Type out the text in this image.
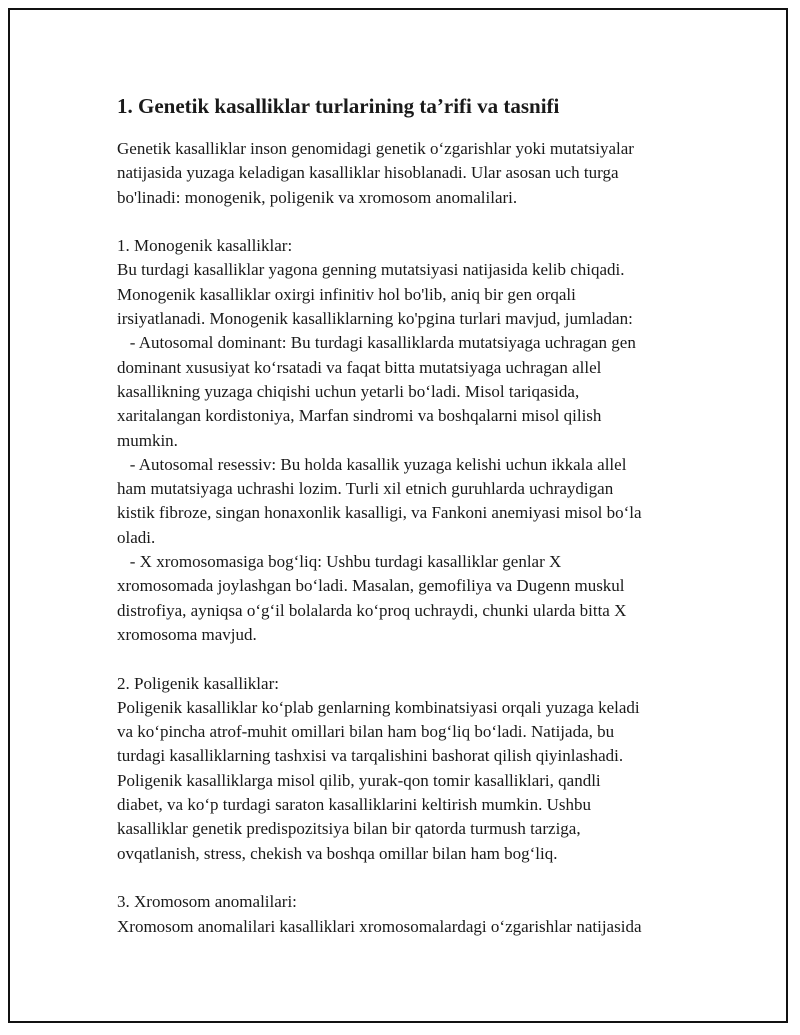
1. Genetik kasalliklar turlarining ta’rifi va tasnifi
Genetik kasalliklar inson genomidagi genetik o‘zgarishlar yoki mutatsiyalar
natijasida yuzaga keladigan kasalliklar hisoblanadi. Ular asosan uch turga
bo'linadi: monogenik, poligenik va xromosom anomalilari.
1. Monogenik kasalliklar:
Bu turdagi kasalliklar yagona genning mutatsiyasi natijasida kelib chiqadi.
Monogenik kasalliklar oxirgi infinitiv hol bo'lib, aniq bir gen orqali
irsiyatlanadi. Monogenik kasalliklarning ko'pgina turlari mavjud, jumladan:
- Autosomal dominant: Bu turdagi kasalliklarda mutatsiyaga uchragan gen
dominant xususiyat ko‘rsatadi va faqat bitta mutatsiyaga uchragan allel
kasallikning yuzaga chiqishi uchun yetarli bo‘ladi. Misol tariqasida,
xaritalangan kordistoniya, Marfan sindromi va boshqalarni misol qilish
mumkin.
- Autosomal resessiv: Bu holda kasallik yuzaga kelishi uchun ikkala allel
ham mutatsiyaga uchrashi lozim. Turli xil etnich guruhlarda uchraydigan
kistik fibroze, singan honaxonlik kasalligi, va Fankoni anemiyasi misol bo‘la
oladi.
- X xromosomasiga bog‘liq: Ushbu turdagi kasalliklar genlar X
xromosomada joylashgan bo‘ladi. Masalan, gemofiliya va Dugenn muskul
distrofiya, ayniqsa o‘g‘il bolalarda ko‘proq uchraydi, chunki ularda bitta X
xromosoma mavjud.
2. Poligenik kasalliklar:
Poligenik kasalliklar ko‘plab genlarning kombinatsiyasi orqali yuzaga keladi
va ko‘pincha atrof-muhit omillari bilan ham bog‘liq bo‘ladi. Natijada, bu
turdagi kasalliklarning tashxisi va tarqalishini bashorat qilish qiyinlashadi.
Poligenik kasalliklarga misol qilib, yurak-qon tomir kasalliklari, qandli
diabet, va ko‘p turdagi saraton kasalliklarini keltirish mumkin. Ushbu
kasalliklar genetik predispozitsiya bilan bir qatorda turmush tarziga,
ovqatlanish, stress, chekish va boshqa omillar bilan ham bog‘liq.
3. Xromosom anomalilari:
Xromosom anomalilari kasalliklari xromosomalardagi o‘zgarishlar natijasida
